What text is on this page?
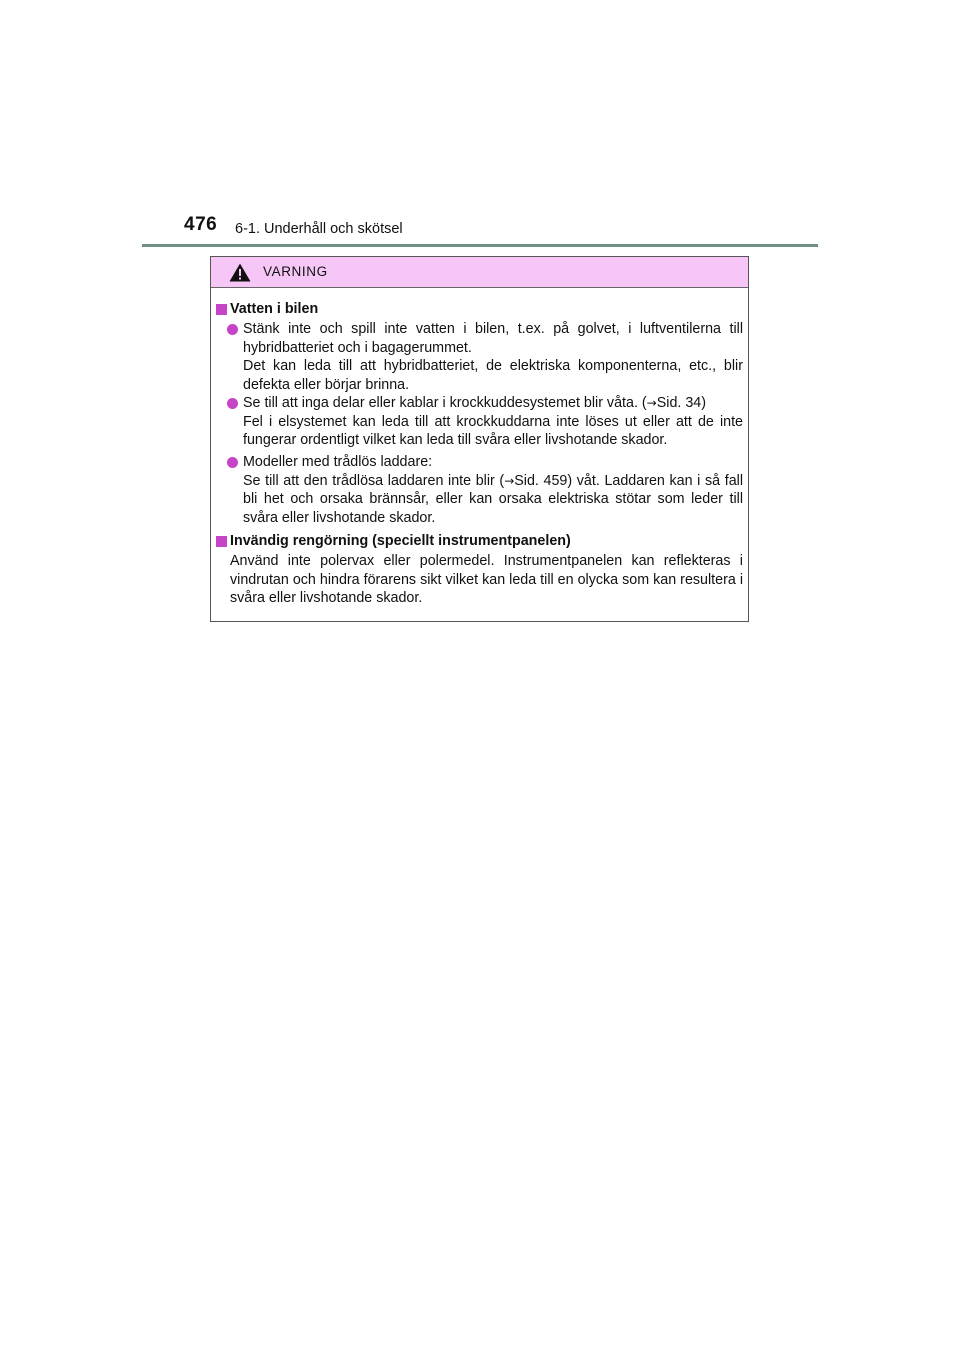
476 6-1. Underhåll och skötsel
VARNING
Vatten i bilen
Stänk inte och spill inte vatten i bilen, t.ex. på golvet, i luftventilerna till hybridbatteriet och i bagagerummet.
Det kan leda till att hybridbatteriet, de elektriska komponenterna, etc., blir defekta eller börjar brinna.
Se till att inga delar eller kablar i krockkuddesystemet blir våta. (→Sid. 34)
Fel i elsystemet kan leda till att krockkuddarna inte löses ut eller att de inte fungerar ordentligt vilket kan leda till svåra eller livshotande skador.
Modeller med trådlös laddare:
Se till att den trådlösa laddaren inte blir (→Sid. 459) våt. Laddaren kan i så fall bli het och orsaka brännsår, eller kan orsaka elektriska stötar som leder till svåra eller livshotande skador.
Invändig rengörning (speciellt instrumentpanelen)
Använd inte polervax eller polermedel. Instrumentpanelen kan reflekteras i vindrutan och hindra förarens sikt vilket kan leda till en olycka som kan resultera i svåra eller livshotande skador.
